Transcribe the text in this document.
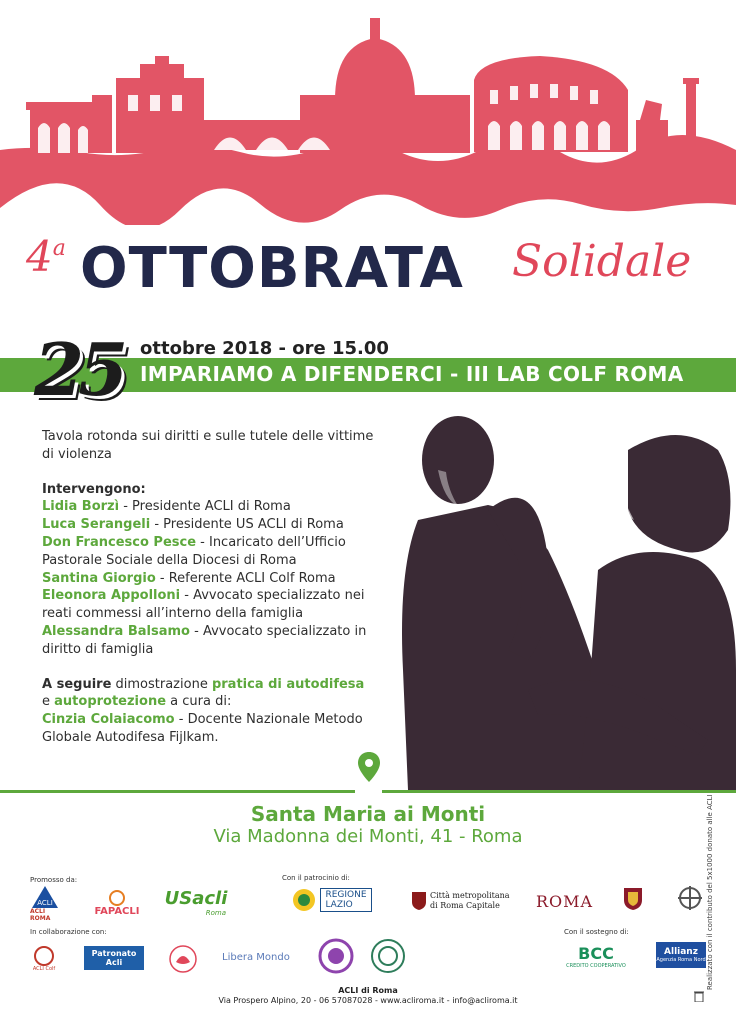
4$^a$ OTTOBRATA Solidale
25 ottobre 2018 - ore 15.00
IMPARIAMO A DIFENDERCI - III LAB COLF ROMA

Tavola rotonda sui diritti e sulle tutele delle vittime di violenza

Intervengono:

Lidia Borzì - Presidente ACLI di Roma

Luca Serangeli - Presidente US ACLI di Roma

Don Francesco Pesce - Incaricato dell’Ufficio Pastorale Sociale della Diocesi di Roma

Santina Giorgio - Referente ACLI Colf Roma

Eleonora Appolloni - Avvocato specializzato nei reati commessi all’interno della famiglia

Alessandra Balsamo - Avvocato specializzato in diritto di famiglia

A seguire dimostrazione pratica di autodifesa
e autoprotezione a cura di:

Cinzia Colaiacomo - Docente Nazionale Metodo Globale Autodifesa Fijlkam.

Santa Maria ai Monti
Via Madonna dei Monti, 41 - Roma
Promosso da:	Con il patrocinio di:
In collaborazione con:	Con il sostegno di:
ACLI
ACLI ROMA
FAPACLI
USacli
Roma
REGIONE
LAZIO
Città metropolitana
di Roma Capitale	ROMA
ACLI Colf
Patronato
Acli	Libera Mondo	BCC
CREDITO COOPERATIVO
Allianz
Agenzia Roma Nord Realizzato con il contributo del 5x1000 donato alle ACLI
ACLI di Roma
Via Prospero Alpino, 20 - 06 57087028 - www.acliroma.it - info@acliroma.it
